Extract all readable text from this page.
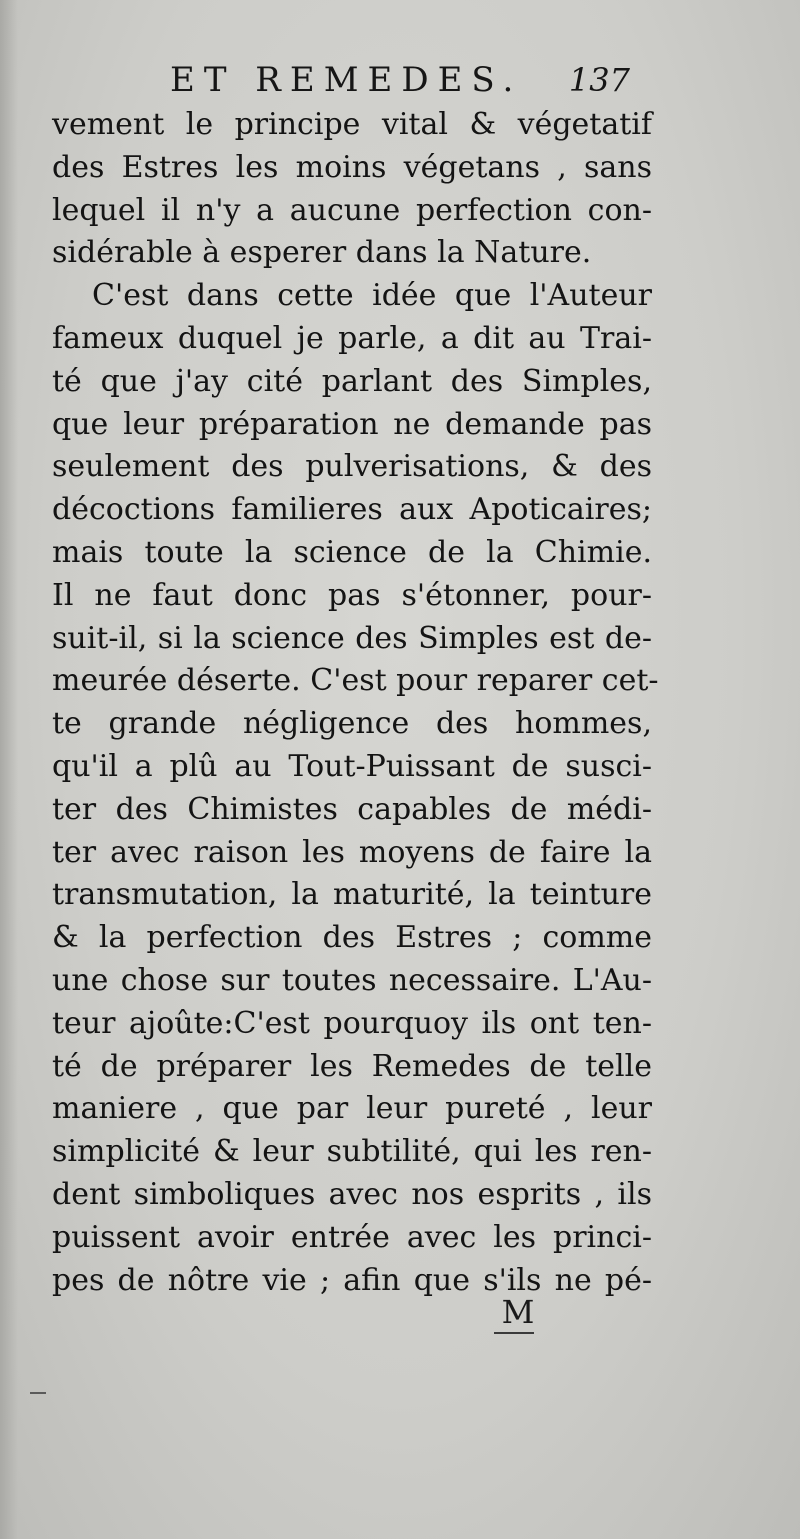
ET REMEDES. 137
vement le principe vital & végetatif
des Estres les moins végetans , sans
lequel il n'y a aucune perfection con-
sidérable à esperer dans la Nature.
C'est dans cette idée que l'Auteur
fameux duquel je parle, a dit au Trai-
té que j'ay cité parlant des Simples,
que leur préparation ne demande pas
seulement des pulverisations, & des
décoctions familieres aux Apoticaires;
mais toute la science de la Chimie.
Il ne faut donc pas s'étonner, pour-
suit-il, si la science des Simples est de-
meurée déserte. C'est pour reparer cet-
te grande négligence des hommes,
qu'il a plû au Tout-Puissant de susci-
ter des Chimistes capables de médi-
ter avec raison les moyens de faire la
transmutation, la maturité, la teinture
& la perfection des Estres ; comme
une chose sur toutes necessaire. L'Au-
teur ajoûte:C'est pourquoy ils ont ten-
té de préparer les Remedes de telle
maniere , que par leur pureté , leur
simplicité & leur subtilité, qui les ren-
dent simboliques avec nos esprits , ils
puissent avoir entrée avec les princi-
pes de nôtre vie ; afin que s'ils ne pé-
M
